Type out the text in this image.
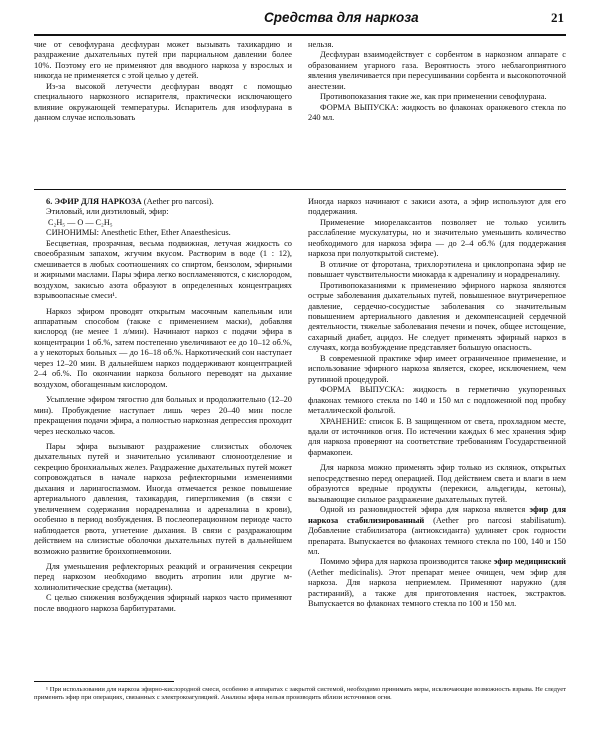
Средства для наркоза	21

чие от севофлурана десфлуран может вызывать тахикардию и раздражение дыхательных путей при парциальном давлении более 10%. Поэтому его не применяют для вводного наркоза у взрослых и никогда не применяется с этой целью у детей.

Из-за высокой летучести десфлуран вводят с помощью специального наркозного испарителя, практически исключающего влияние окружающей температуры. Испаритель для изофлурана в данном случае использовать

нельзя.

Десфлуран взаимодействует с сорбентом в наркозном аппарате с образованием угарного газа. Вероятность этого неблагоприятного явления увеличивается при пересушивании сорбента и высокопоточной анестезии.

Противопоказания такие же, как при применении севофлурана.

ФОРМА ВЫПУСКА: жидкость во флаконах оранжевого стекла по 240 мл.

6. ЭФИР ДЛЯ НАРКОЗА (Aether pro narcosi).

Этиловый, или диэтиловый, эфир:

C₂H₅ — O — C₂H₅

СИНОНИМЫ: Anesthetic Ether, Ether Anaesthesicus.

Бесцветная, прозрачная, весьма подвижная, летучая жидкость со своеобразным запахом, жгучим вкусом. Растворим в воде (1 : 12), смешивается в любых соотношениях со спиртом, бензолом, эфирными и жирными маслами. Пары эфира легко воспламеняются, с кислородом, воздухом, закисью азота образуют в определенных концентрациях взрывоопасные смеси¹.

Наркоз эфиром проводят открытым масочным капельным или аппаратным способом (также с применением маски), добавляя кислород (не менее 1 л/мин). Начинают наркоз с подачи эфира в концентрации 1 об.%, затем постепенно увеличивают ее до 10–12 об.%, а у некоторых больных — до 16–18 об.%. Наркотический сон наступает через 12–20 мин. В дальнейшем наркоз поддерживают концентрацией 2–4 об.%. По окончании наркоза больного переводят на дыхание воздухом, обогащенным кислородом.

Усыпление эфиром тягостно для больных и продолжительно (12–20 мин). Пробуждение наступает лишь через 20–40 мин после прекращения подачи эфира, а полностью наркозная депрессия проходит через несколько часов.

Пары эфира вызывают раздражение слизистых оболочек дыхательных путей и значительно усиливают слюноотделение и секрецию бронхиальных желез. Раздражение дыхательных путей может сопровождаться в начале наркоза рефлекторными изменениями дыхания и ларингоспазмом. Иногда отмечается резкое повышение артериального давления, тахикардия, гипергликемия (в связи с увеличением содержания норадреналина и адреналина в крови), особенно в период возбуждения. В послеоперационном периоде часто наблюдается рвота, угнетение дыхания. В связи с раздражающим действием на слизистые оболочки дыхательных путей в дальнейшем возможно развитие бронхопневмонии.

Для уменьшения рефлекторных реакций и ограничения секреции перед наркозом необходимо вводить атропин или другие м-холинолитические средства (метацин).

С целью снижения возбуждения эфирный наркоз часто применяют после вводного наркоза барбитуратами.

Иногда наркоз начинают с закиси азота, а эфир используют для его поддержания.

Применение миорелаксантов позволяет не только усилить расслабление мускулатуры, но и значительно уменьшить количество необходимого для наркоза эфира — до 2–4 об.% (для поддержания наркоза при полуоткрытой системе).

В отличие от фторотана, трихлорэтилена и циклопропана эфир не повышает чувствительности миокарда к адреналину и норадреналину.

Противопоказаниями к применению эфирного наркоза являются острые заболевания дыхательных путей, повышенное внутричерепное давление, сердечно-сосудистые заболевания со значительным повышением артериального давления и декомпенсацией сердечной деятельности, тяжелые заболевания печени и почек, общее истощение, сахарный диабет, ацидоз. Не следует применять эфирный наркоз в случаях, когда возбуждение представляет большую опасность.

В современной практике эфир имеет ограниченное применение, и использование эфирного наркоза является, скорее, исключением, чем рутинной процедурой.

ФОРМА ВЫПУСКА: жидкость в герметично укупоренных флаконах темного стекла по 140 и 150 мл с подложенной под пробку металлической фольгой.

ХРАНЕНИЕ: список Б. В защищенном от света, прохладном месте, вдали от источников огня. По истечении каждых 6 мес хранения эфир для наркоза проверяют на соответствие требованиям Государственной фармакопеи.

Для наркоза можно применять эфир только из склянок, открытых непосредственно перед операцией. Под действием света и влаги в нем образуются вредные продукты (перекиси, альдегиды, кетоны), вызывающие сильное раздражение дыхательных путей.

Одной из разновидностей эфира для наркоза является эфир для наркоза стабилизированный (Aether pro narcosi stabilisatum). Добавление стабилизатора (антиоксиданта) удлиняет срок годности препарата. Выпускается во флаконах темного стекла по 100, 140 и 150 мл.

Помимо эфира для наркоза производится также эфир медицинский (Aether medicinalis). Этот препарат менее очищен, чем эфир для наркоза. Для наркоза неприемлем. Применяют наружно (для растираний), а также для приготовления настоек, экстрактов. Выпускается во флаконах темного стекла по 100 и 150 мл.

¹ При использовании для наркоза эфирно-кислородной смеси, особенно в аппаратах с закрытой системой, необходимо принимать меры, исключающие возможность взрыва. Не следует применять эфир при операциях, связанных с электрокоагуляцией. Анализы эфира нельзя производить вблизи источников огня.
